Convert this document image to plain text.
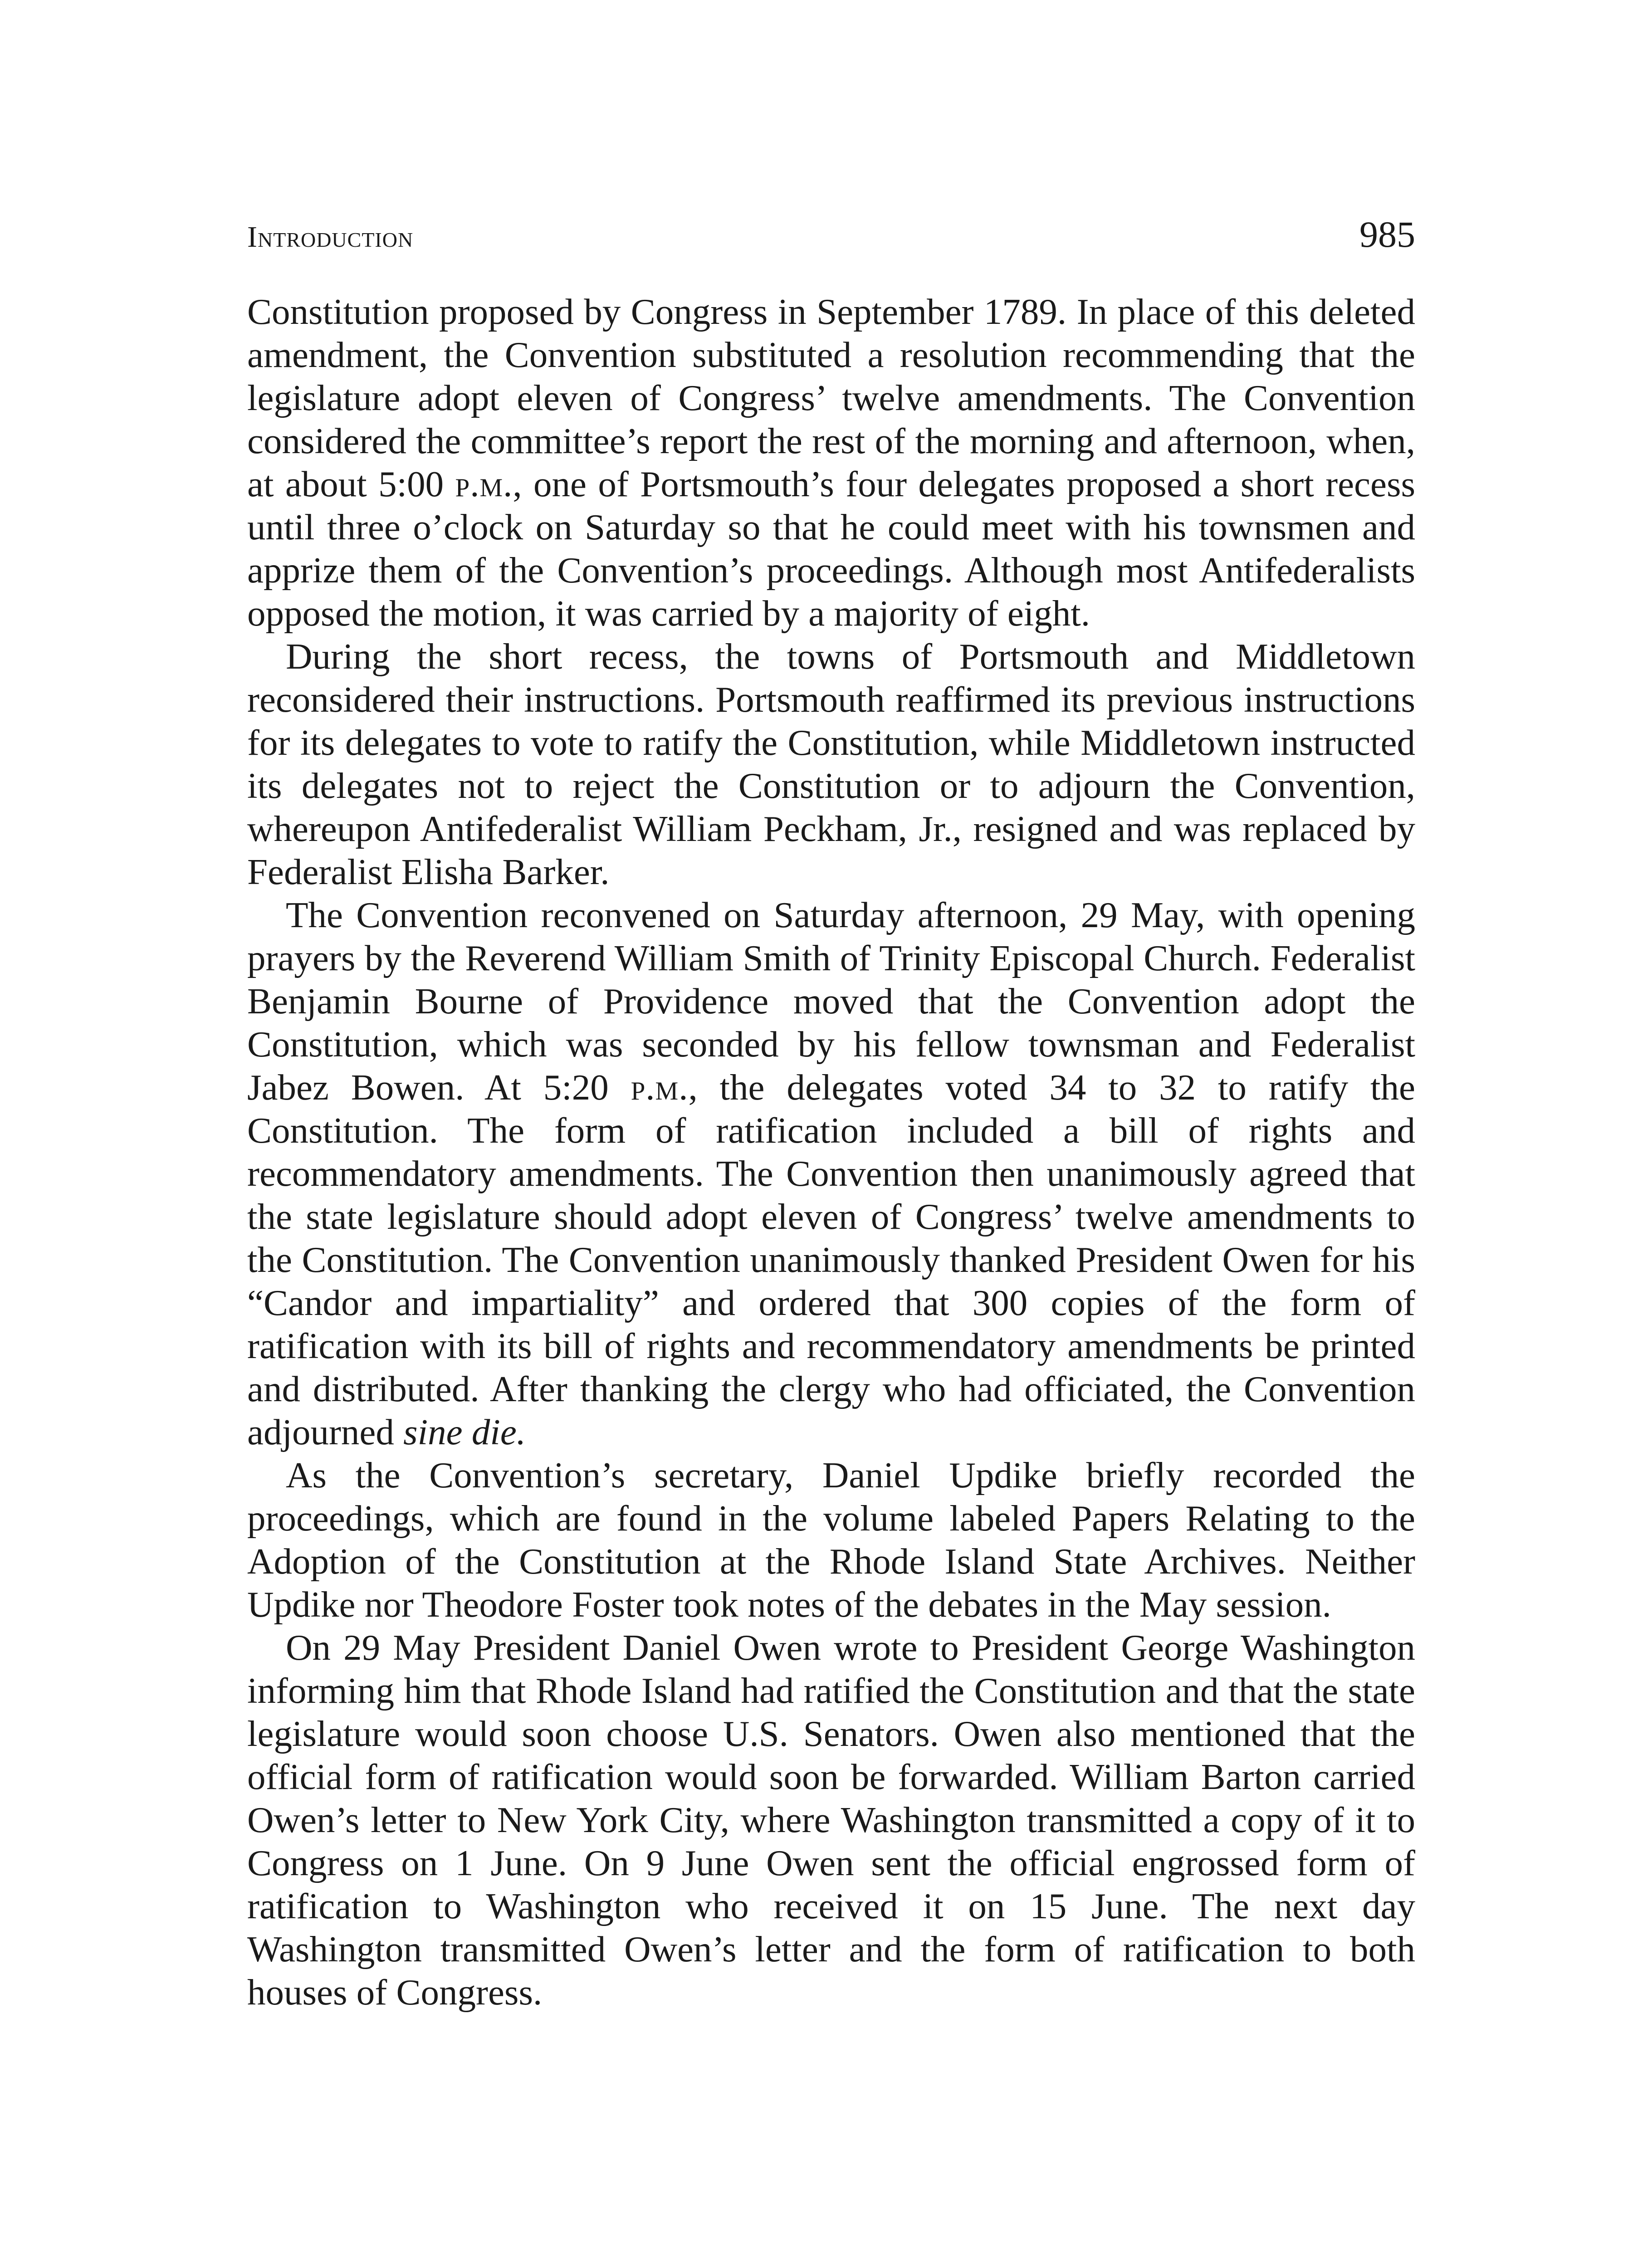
Introduction	985

Constitution proposed by Congress in September 1789. In place of this deleted amendment, the Convention substituted a resolution recommending that the legislature adopt eleven of Congress’ twelve amendments. The Convention considered the committee’s report the rest of the morning and afternoon, when, at about 5:00 p.m., one of Portsmouth’s four delegates proposed a short recess until three o’clock on Saturday so that he could meet with his townsmen and apprize them of the Convention’s proceedings. Although most Antifederalists opposed the motion, it was carried by a majority of eight.

During the short recess, the towns of Portsmouth and Middletown reconsidered their instructions. Portsmouth reaffirmed its previous instructions for its delegates to vote to ratify the Constitution, while Middletown instructed its delegates not to reject the Constitution or to adjourn the Convention, whereupon Antifederalist William Peckham, Jr., resigned and was replaced by Federalist Elisha Barker.

The Convention reconvened on Saturday afternoon, 29 May, with opening prayers by the Reverend William Smith of Trinity Episcopal Church. Federalist Benjamin Bourne of Providence moved that the Convention adopt the Constitution, which was seconded by his fellow townsman and Federalist Jabez Bowen. At 5:20 p.m., the delegates voted 34 to 32 to ratify the Constitution. The form of ratification included a bill of rights and recommendatory amendments. The Convention then unanimously agreed that the state legislature should adopt eleven of Congress’ twelve amendments to the Constitution. The Convention unanimously thanked President Owen for his “Candor and impartiality” and ordered that 300 copies of the form of ratification with its bill of rights and recommendatory amendments be printed and distributed. After thanking the clergy who had officiated, the Convention adjourned sine die.

As the Convention’s secretary, Daniel Updike briefly recorded the proceedings, which are found in the volume labeled Papers Relating to the Adoption of the Constitution at the Rhode Island State Archives. Neither Updike nor Theodore Foster took notes of the debates in the May session.

On 29 May President Daniel Owen wrote to President George Washington informing him that Rhode Island had ratified the Constitution and that the state legislature would soon choose U.S. Senators. Owen also mentioned that the official form of ratification would soon be forwarded. William Barton carried Owen’s letter to New York City, where Washington transmitted a copy of it to Congress on 1 June. On 9 June Owen sent the official engrossed form of ratification to Washington who received it on 15 June. The next day Washington transmitted Owen’s letter and the form of ratification to both houses of Congress.
